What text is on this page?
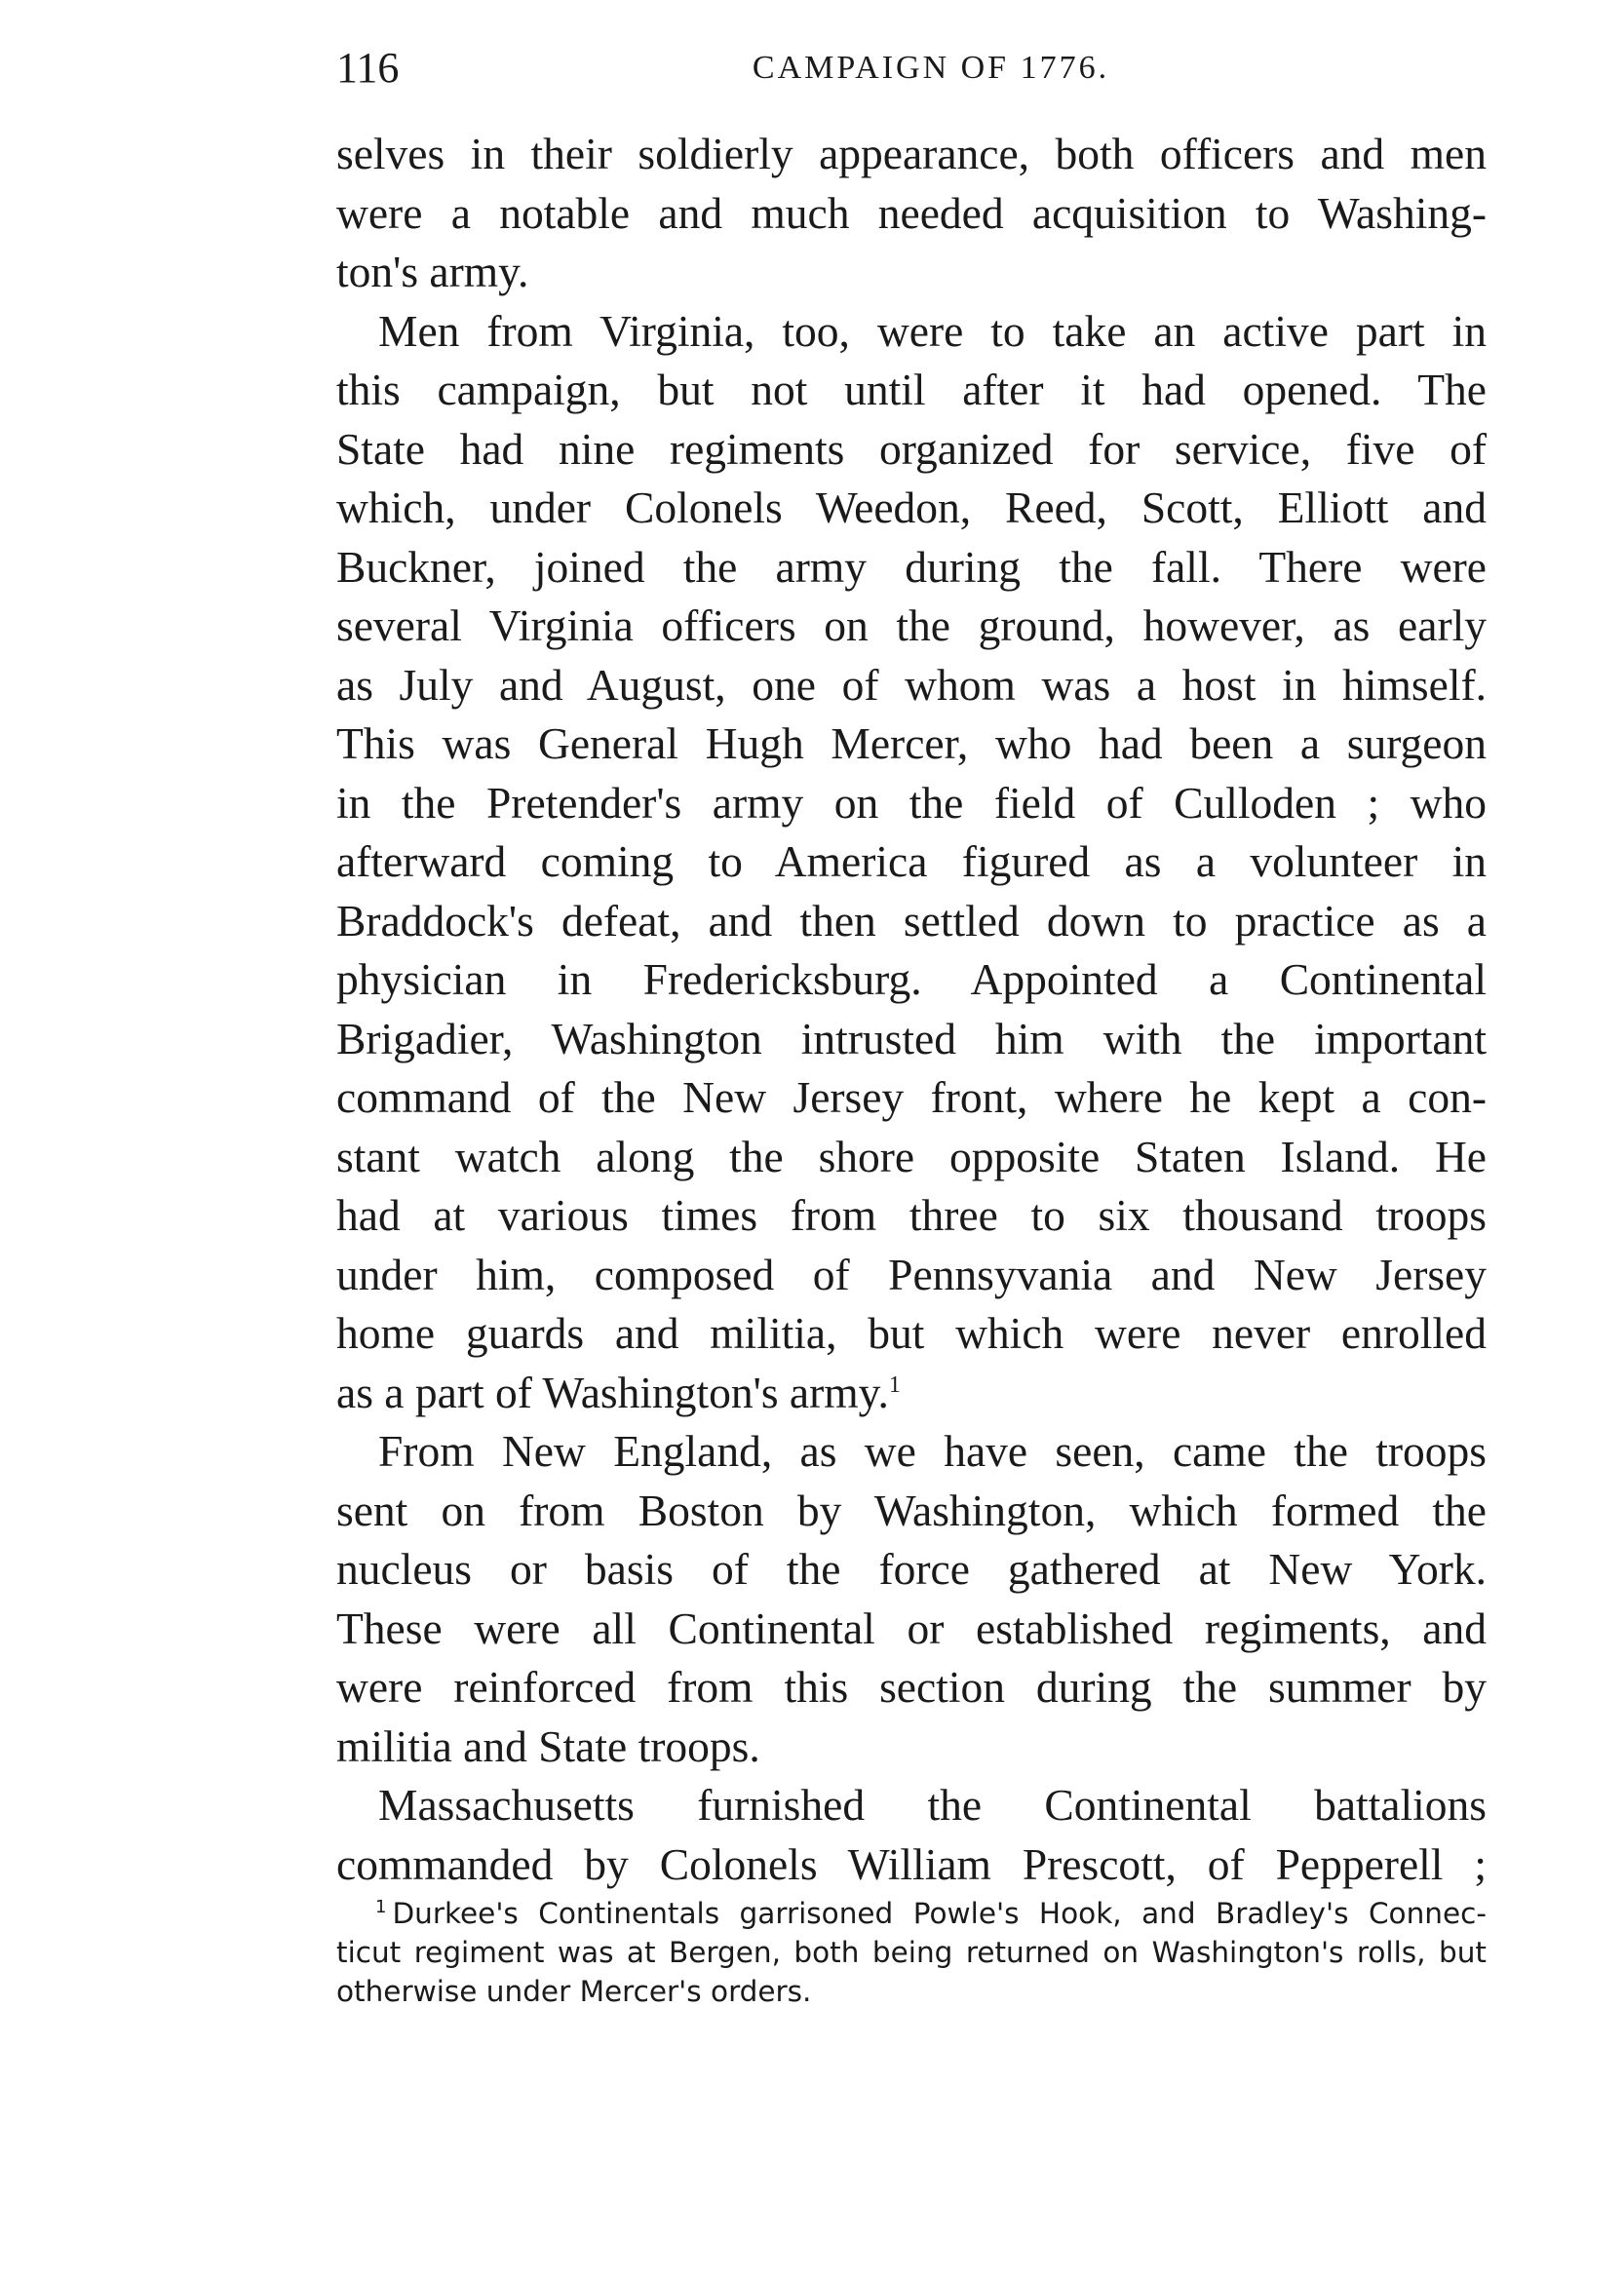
116	CAMPAIGN OF 1776.
selves in their soldierly appearance, both officers and men
were a notable and much needed acquisition to Washing-
ton's army.
Men from Virginia, too, were to take an active part in
this campaign, but not until after it had opened. The
State had nine regiments organized for service, five of
which, under Colonels Weedon, Reed, Scott, Elliott and
Buckner, joined the army during the fall. There were
several Virginia officers on the ground, however, as early
as July and August, one of whom was a host in himself.
This was General Hugh Mercer, who had been a surgeon
in the Pretender's army on the field of Culloden ; who
afterward coming to America figured as a volunteer in
Braddock's defeat, and then settled down to practice as a
physician in Fredericksburg. Appointed a Continental
Brigadier, Washington intrusted him with the important
command of the New Jersey front, where he kept a con-
stant watch along the shore opposite Staten Island. He
had at various times from three to six thousand troops
under him, composed of Pennsyvania and New Jersey
home guards and militia, but which were never enrolled
as a part of Washington's army.$^1$
From New England, as we have seen, came the troops
sent on from Boston by Washington, which formed the
nucleus or basis of the force gathered at New York.
These were all Continental or established regiments, and
were reinforced from this section during the summer by
militia and State troops.
Massachusetts furnished the Continental battalions
commanded by Colonels William Prescott, of Pepperell ;
$^1$ Durkee's Continentals garrisoned Powle's Hook, and Bradley's Connec-
ticut regiment was at Bergen, both being returned on Washington's rolls, but
otherwise under Mercer's orders.
